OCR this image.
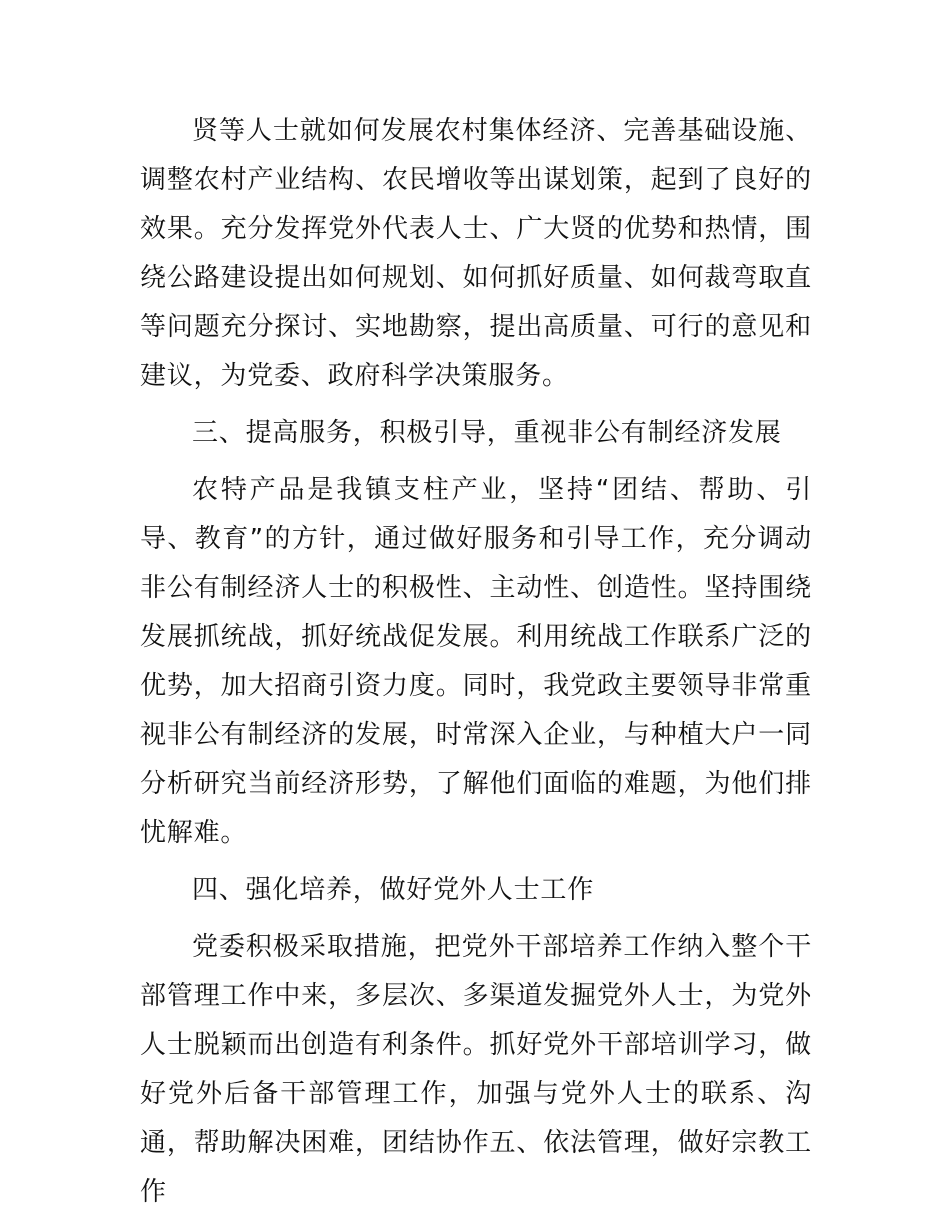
贤等人士就如何发展农村集体经济、完善基础设施、调整农村产业结构、农民增收等出谋划策，起到了良好的效果。充分发挥党外代表人士、广大贤的优势和热情，围绕公路建设提出如何规划、如何抓好质量、如何裁弯取直等问题充分探讨、实地勘察，提出高质量、可行的意见和建议，为党委、政府科学决策服务。

三、提高服务，积极引导，重视非公有制经济发展

农特产品是我镇支柱产业，坚持“团结、帮助、引导、教育”的方针，通过做好服务和引导工作，充分调动非公有制经济人士的积极性、主动性、创造性。坚持围绕发展抓统战，抓好统战促发展。利用统战工作联系广泛的优势，加大招商引资力度。同时，我党政主要领导非常重视非公有制经济的发展，时常深入企业，与种植大户一同分析研究当前经济形势，了解他们面临的难题，为他们排忧解难。

四、强化培养，做好党外人士工作

党委积极采取措施，把党外干部培养工作纳入整个干部管理工作中来，多层次、多渠道发掘党外人士，为党外人士脱颖而出创造有利条件。抓好党外干部培训学习，做好党外后备干部管理工作，加强与党外人士的联系、沟通，帮助解决困难，团结协作五、依法管理，做好宗教工作
